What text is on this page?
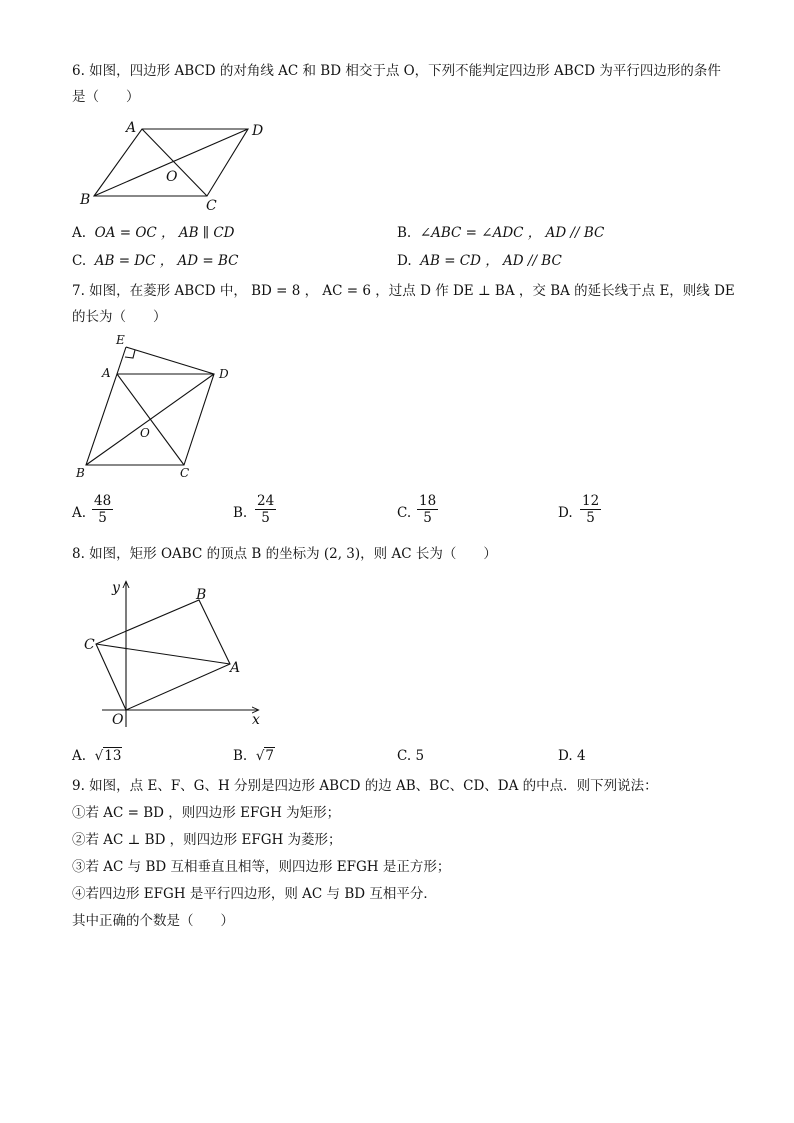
6. 如图，四边形 ABCD 的对角线 AC 和 BD 相交于点 O，下列不能判定四边形 ABCD 为平行四边形的条件
是（　　）
A	D
B	C
O
A. OA = OC ， AB ∥ CD	B. ∠ABC = ∠ADC ， AD // BC
C. AB = DC ， AD = BC	D. AB = CD ， AD // BC
7. 如图，在菱形 ABCD 中， BD = 8 ， AC = 6 ，过点 D 作 DE ⊥ BA ，交 BA 的延长线于点 E，则线 DE
的长为（　　）
E
A	D
B	C
O
A. $\frac{48}{5}$	B. $\frac{24}{5}$	C. $\frac{18}{5}$	D. $\frac{12}{5}$
8. 如图，矩形 OABC 的顶点 B 的坐标为 (2, 3)，则 AC 长为（　　）
O	x
y
C
B
A
A. √13	B. √7	C. 5	D. 4
9. 如图，点 E、F、G、H 分别是四边形 ABCD 的边 AB、BC、CD、DA 的中点．则下列说法：
①若 AC = BD ，则四边形 EFGH 为矩形；
②若 AC ⊥ BD ，则四边形 EFGH 为菱形；
③若 AC 与 BD 互相垂直且相等，则四边形 EFGH 是正方形；
④若四边形 EFGH 是平行四边形，则 AC 与 BD 互相平分．
其中正确的个数是（　　）
